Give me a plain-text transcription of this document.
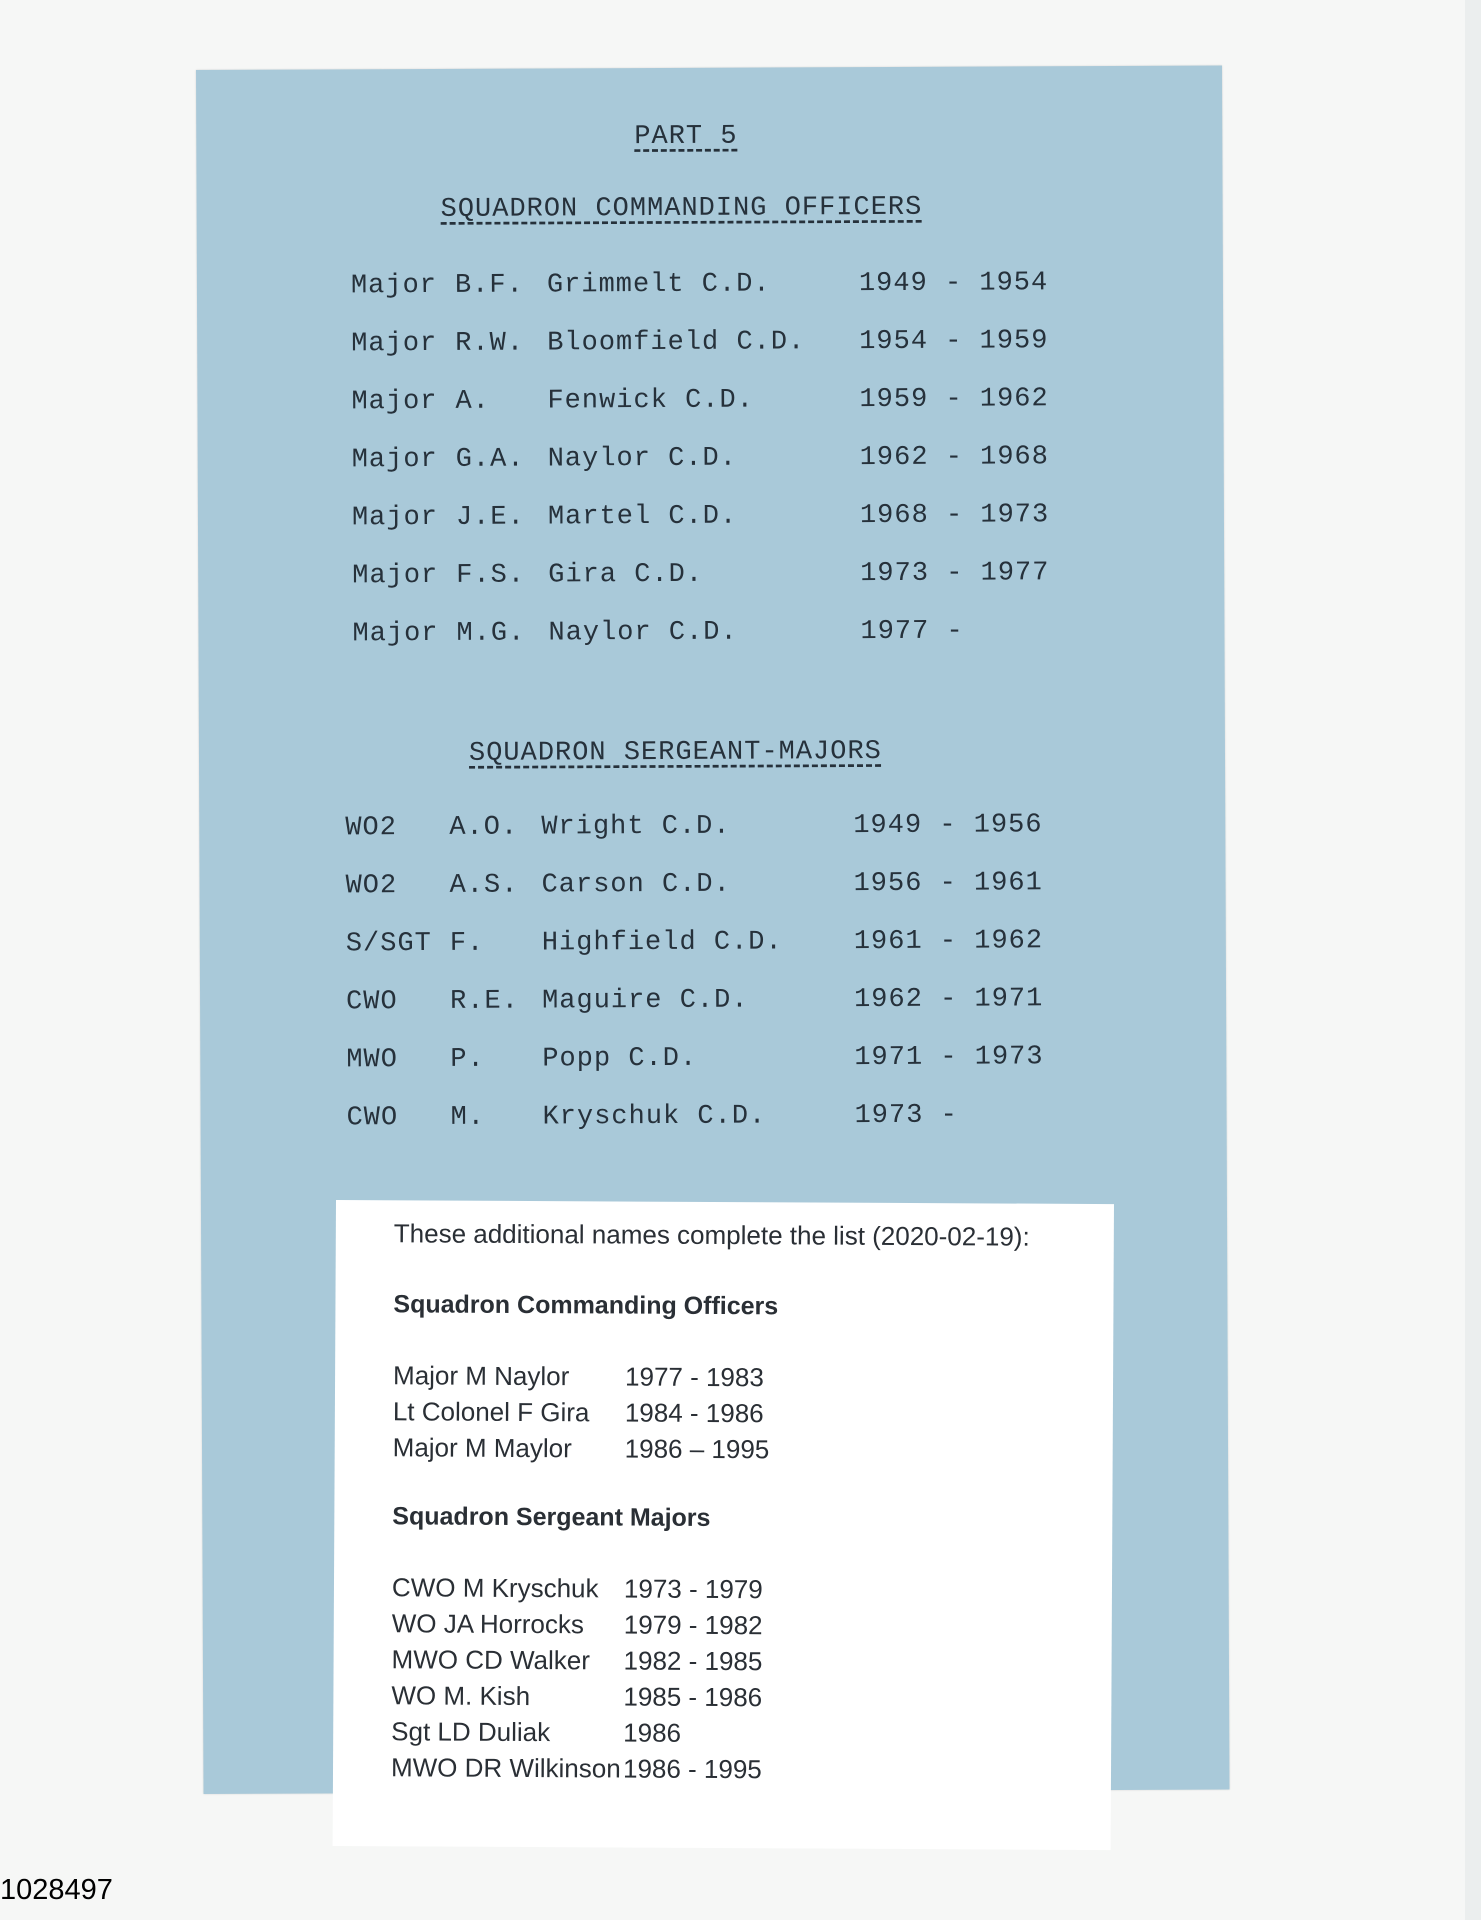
PART 5
SQUADRON COMMANDING OFFICERS
Major B.F. Grimmelt C.D.	1949 - 1954
Major R.W. Bloomfield C.D. 1954 - 1959
Major A. Fenwick C.D.	1959 - 1962
Major G.A. Naylor C.D.	1962 - 1968
Major J.E. Martel C.D.	1968 - 1973
Major F.S. Gira C.D.	1973 - 1977
Major M.G. Naylor C.D.	1977 -
SQUADRON SERGEANT-MAJORS
WO2 A.O. Wright C.D.	1949 - 1956
WO2 A.S. Carson C.D.	1956 - 1961
S/SGT F. Highfield C.D.	1961 - 1962
CWO R.E. Maguire C.D.	1962 - 1971
MWO P. Popp C.D.	1971 - 1973
CWO M. Kryschuk C.D.	1973 -
These additional names complete the list (2020-02-19):
Squadron Commanding Officers
Major M Naylor 1977 - 1983
Lt Colonel F Gira 1984 - 1986
Major M Maylor 1986 – 1995
Squadron Sergeant Majors
CWO M Kryschuk 1973 - 1979
WO JA Horrocks 1979 - 1982
MWO CD Walker 1982 - 1985
WO M. Kish	1985 - 1986
Sgt LD Duliak	1986
MWO DR Wilkinson 1986 - 1995
1028497
